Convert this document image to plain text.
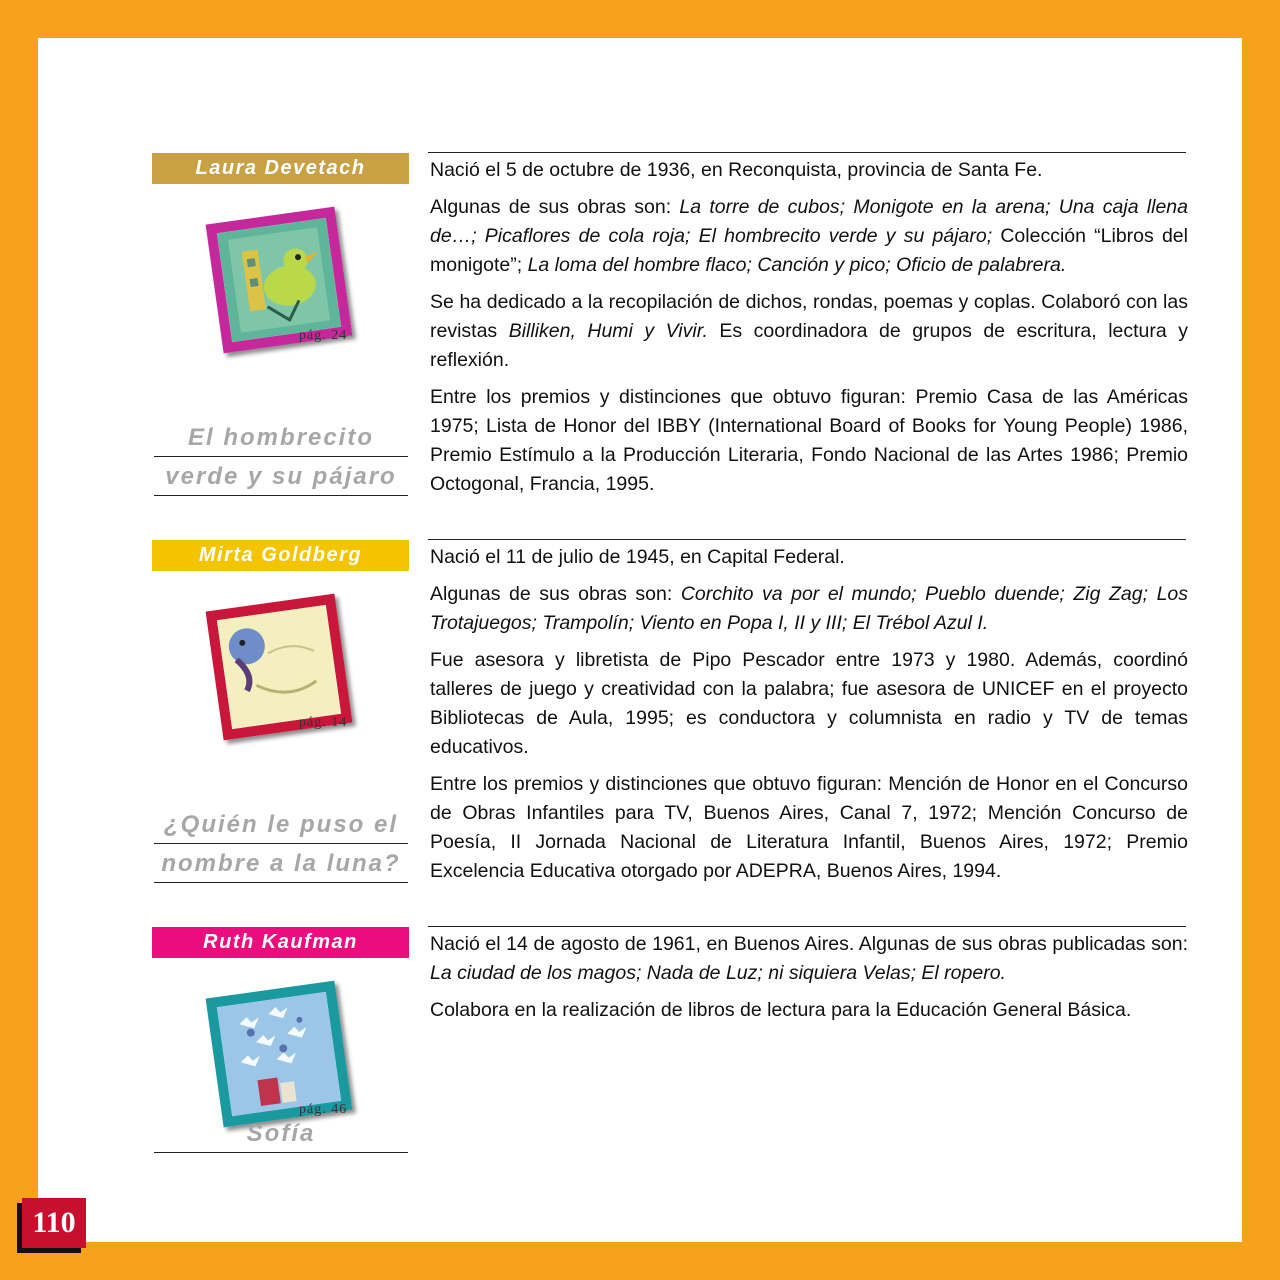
Laura Devetach
pág. 24
El hombrecito
verde y su pájaro

Nació el 5 de octubre de 1936, en Reconquista, provincia de Santa Fe.

Algunas de sus obras son: La torre de cubos; Monigote en la arena; Una caja llena de…; Picaflores de cola roja; El hombrecito verde y su pájaro; Colección “Libros del monigote”; La loma del hombre flaco; Canción y pico; Oficio de palabrera.

Se ha dedicado a la recopilación de dichos, rondas, poemas y coplas. Colaboró con las revistas Billiken, Humi y Vivir. Es coordinadora de grupos de escritura, lectura y reflexión.

Entre los premios y distinciones que obtuvo figuran: Premio Casa de las Américas 1975; Lista de Honor del IBBY (International Board of Books for Young People) 1986, Premio Estímulo a la Producción Literaria, Fondo Nacional de las Artes 1986; Premio Octogonal, Francia, 1995.

Mirta Goldberg
pág. 14
¿Quién le puso el
nombre a la luna?

Nació el 11 de julio de 1945, en Capital Federal.

Algunas de sus obras son: Corchito va por el mundo; Pueblo duende; Zig Zag; Los Trotajuegos; Trampolín; Viento en Popa I, II y III; El Trébol Azul I.

Fue asesora y libretista de Pipo Pescador entre 1973 y 1980. Además, coordinó talleres de juego y creatividad con la palabra; fue asesora de UNICEF en el proyecto Bibliotecas de Aula, 1995; es conductora y columnista en radio y TV de temas educativos.

Entre los premios y distinciones que obtuvo figuran: Mención de Honor en el Concurso de Obras Infantiles para TV, Buenos Aires, Canal 7, 1972; Mención Concurso de Poesía, II Jornada Nacional de Literatura Infantil, Buenos Aires, 1972; Premio Excelencia Educativa otorgado por ADEPRA, Buenos Aires, 1994.

Ruth Kaufman
pág. 46
Sofía

Nació el 14 de agosto de 1961, en Buenos Aires. Algunas de sus obras publicadas son: La ciudad de los magos; Nada de Luz; ni siquiera Velas; El ropero.

Colabora en la realización de libros de lectura para la Educación General Básica.

110
